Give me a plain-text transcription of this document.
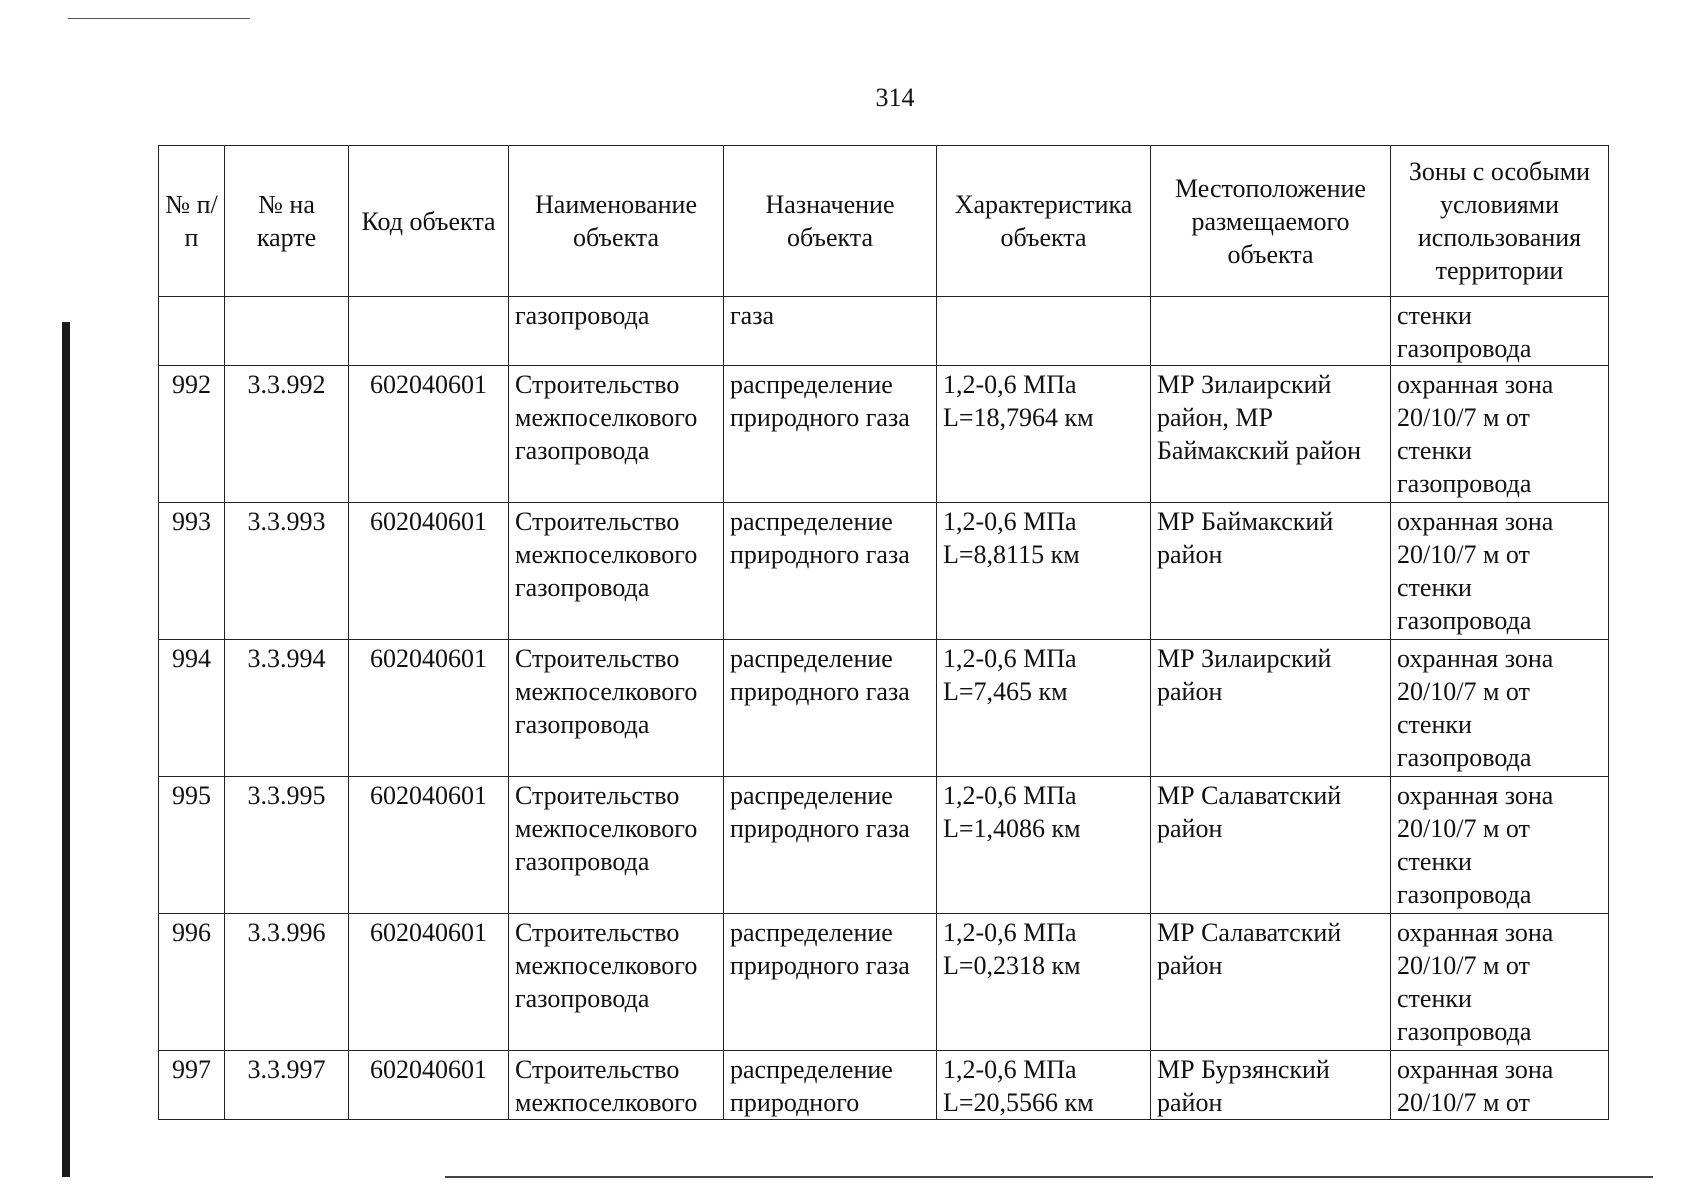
314
№ п/п	№ на карте	Код объекта	Наименование объекта	Назначение объекта	Характеристика объекта	Местоположение размещаемого объекта	Зоны с особыми условиями использования территории
			газопровода	газа			стенки газопровода
992	3.3.992	602040601	Строительство межпоселкового газопровода	распределение природного газа	1,2-0,6 МПа L=18,7964 км	МР Зилаирский район, МР Баймакский район	охранная зона 20/10/7 м от стенки газопровода
993	3.3.993	602040601	Строительство межпоселкового газопровода	распределение природного газа	1,2-0,6 МПа L=8,8115 км	МР Баймакский район	охранная зона 20/10/7 м от стенки газопровода
994	3.3.994	602040601	Строительство межпоселкового газопровода	распределение природного газа	1,2-0,6 МПа L=7,465 км	МР Зилаирский район	охранная зона 20/10/7 м от стенки газопровода
995	3.3.995	602040601	Строительство межпоселкового газопровода	распределение природного газа	1,2-0,6 МПа L=1,4086 км	МР Салаватский район	охранная зона 20/10/7 м от стенки газопровода
996	3.3.996	602040601	Строительство межпоселкового газопровода	распределение природного газа	1,2-0,6 МПа L=0,2318 км	МР Салаватский район	охранная зона 20/10/7 м от стенки газопровода
997	3.3.997	602040601	Строительство межпоселкового	распределение природного	1,2-0,6 МПа L=20,5566 км	МР Бурзянский район	охранная зона 20/10/7 м от
